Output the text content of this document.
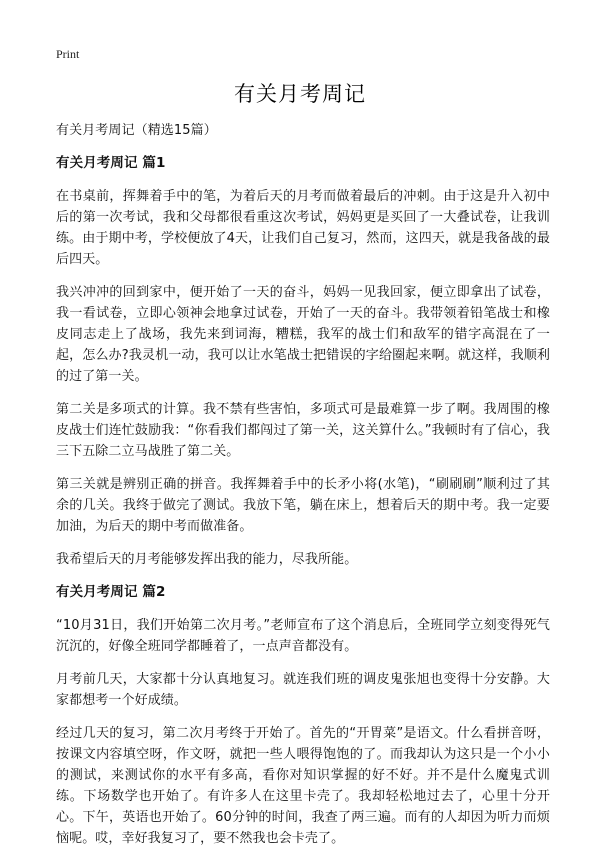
Print
有关月考周记
有关月考周记（精选15篇）
有关月考周记 篇1

在书桌前，挥舞着手中的笔，为着后天的月考而做着最后的冲刺。由于这是升入初中后的第一次考试，我和父母都很看重这次考试，妈妈更是买回了一大叠试卷，让我训练。由于期中考，学校便放了4天，让我们自己复习，然而，这四天，就是我备战的最后四天。

我兴冲冲的回到家中，便开始了一天的奋斗，妈妈一见我回家，便立即拿出了试卷，我一看试卷，立即心领神会地拿过试卷，开始了一天的奋斗。我带领着铅笔战士和橡皮同志走上了战场，我先来到词海，糟糕，我军的战士们和敌军的错字高混在了一起，怎么办?我灵机一动，我可以让水笔战士把错误的字给圈起来啊。就这样，我顺利的过了第一关。

第二关是多项式的计算。我不禁有些害怕，多项式可是最难算一步了啊。我周围的橡皮战士们连忙鼓励我：“你看我们都闯过了第一关，这关算什么。”我顿时有了信心，我三下五除二立马战胜了第二关。

第三关就是辨别正确的拼音。我挥舞着手中的长矛小将(水笔)，“刷刷刷”顺利过了其余的几关。我终于做完了测试。我放下笔，躺在床上，想着后天的期中考。我一定要加油，为后天的期中考而做准备。

我希望后天的月考能够发挥出我的能力，尽我所能。

有关月考周记 篇2

“10月31日，我们开始第二次月考。”老师宣布了这个消息后，全班同学立刻变得死气沉沉的，好像全班同学都睡着了，一点声音都没有。

月考前几天，大家都十分认真地复习。就连我们班的调皮鬼张旭也变得十分安静。大家都想考一个好成绩。

经过几天的复习，第二次月考终于开始了。首先的“开胃菜”是语文。什么看拼音呀，按课文内容填空呀，作文呀，就把一些人喂得饱饱的了。而我却认为这只是一个小小的测试，来测试你的水平有多高，看你对知识掌握的好不好。并不是什么魔鬼式训练。下场数学也开始了。有许多人在这里卡壳了。我却轻松地过去了，心里十分开心。下午，英语也开始了。60分钟的时间，我查了两三遍。而有的人却因为听力而烦恼呢。哎，幸好我复习了，要不然我也会卡壳了。
